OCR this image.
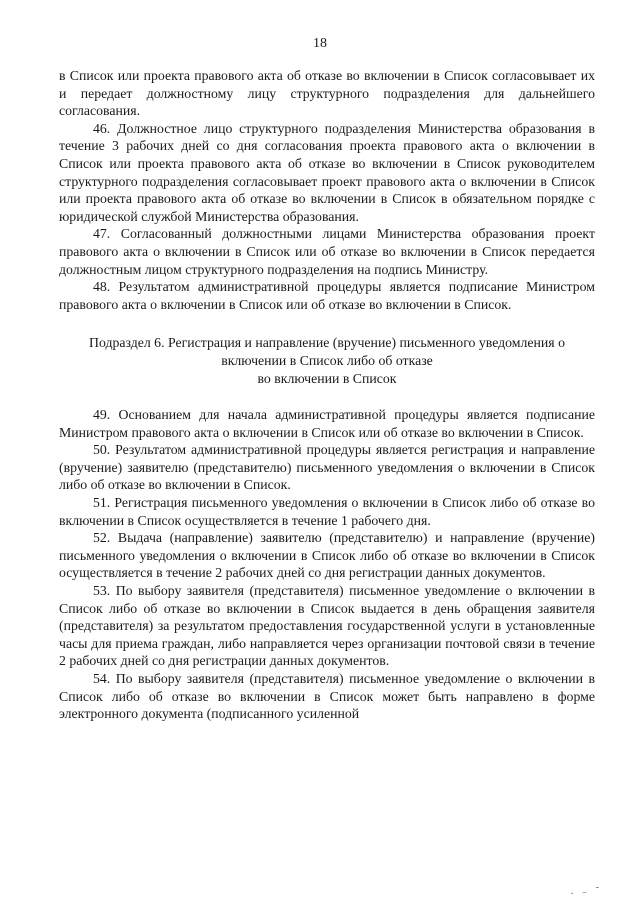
18

в Список или проекта правового акта об отказе во включении в Список согласовывает их и передает должностному лицу структурного подразделения для дальнейшего согласования.

46. Должностное лицо структурного подразделения Министерства образования в течение 3 рабочих дней со дня согласования проекта правового акта о включении в Список или проекта правового акта об отказе во включении в Список руководителем структурного подразделения согласовывает проект правового акта о включении в Список или проекта правового акта об отказе во включении в Список в обязательном порядке с юридической службой Министерства образования.

47. Согласованный должностными лицами Министерства образования проект правового акта о включении в Список или об отказе во включении в Список передается должностным лицом структурного подразделения на подпись Министру.

48. Результатом административной процедуры является подписание Министром правового акта о включении в Список или об отказе во включении в Список.

Подраздел 6. Регистрация и направление (вручение) письменного уведомления о
включении в Список либо об отказе
во включении в Список

49. Основанием для начала административной процедуры является подписание Министром правового акта о включении в Список или об отказе во включении в Список.

50. Результатом административной процедуры является регистрация и направление (вручение) заявителю (представителю) письменного уведомления о включении в Список либо об отказе во включении в Список.

51. Регистрация письменного уведомления о включении в Список либо об отказе во включении в Список осуществляется в течение 1 рабочего дня.

52. Выдача (направление) заявителю (представителю) и направление (вручение) письменного уведомления о включении в Список либо об отказе во включении в Список осуществляется в течение 2 рабочих дней со дня регистрации данных документов.

53. По выбору заявителя (представителя) письменное уведомление о включении в Список либо об отказе во включении в Список выдается в день обращения заявителя (представителя) за результатом предоставления государственной услуги в установленные часы для приема граждан, либо направляется через организации почтовой связи в течение 2 рабочих дней со дня регистрации данных документов.

54. По выбору заявителя (представителя) письменное уведомление о включении в Список либо об отказе во включении в Список может быть направлено в форме электронного документа (подписанного усиленной

. ₋ ˜
